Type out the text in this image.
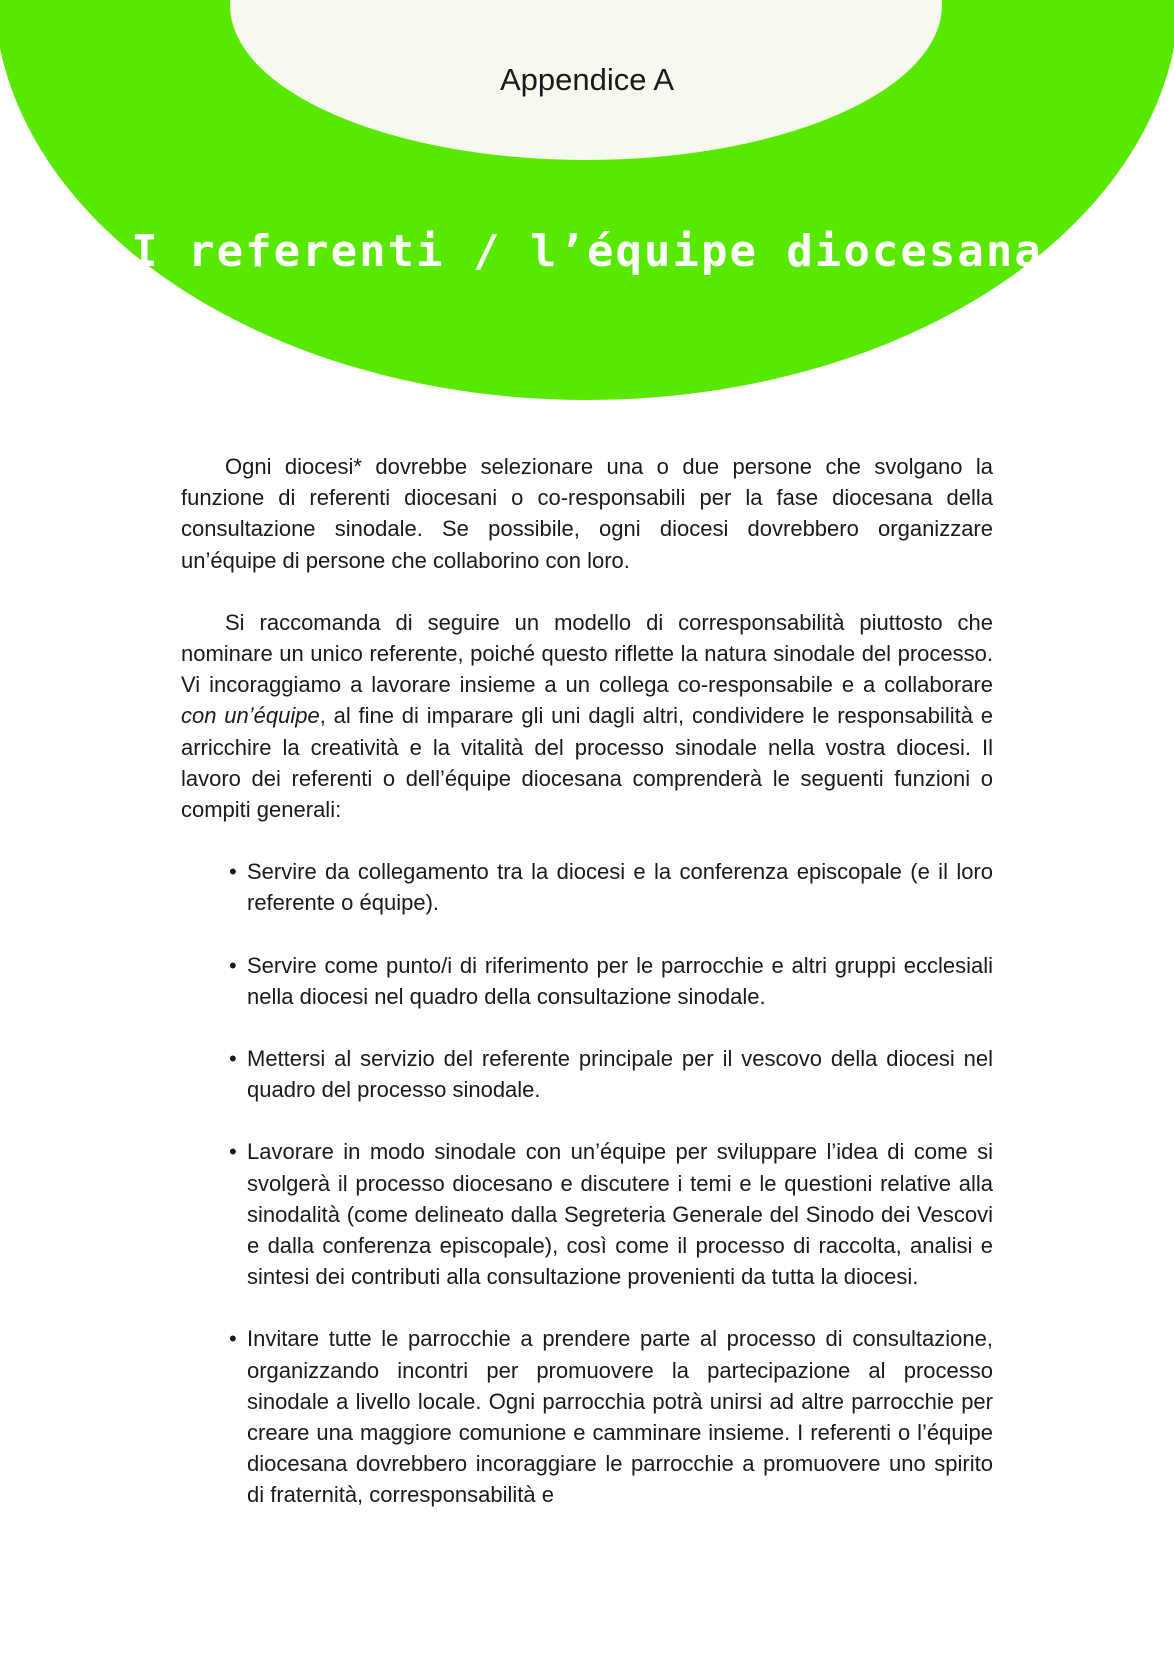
Appendice A
I referenti / l’équipe diocesana

Ogni diocesi* dovrebbe selezionare una o due persone che svolgano la funzione di referenti diocesani o co-responsabili per la fase diocesana della consultazione sinodale. Se possibile, ogni diocesi dovrebbero organizzare un’équipe di persone che collaborino con loro.

Si raccomanda di seguire un modello di corresponsabilità piuttosto che nominare un unico referente, poiché questo riflette la natura sinodale del processo. Vi incoraggiamo a lavorare insieme a un collega co-responsabile e a collaborare con un’équipe, al fine di imparare gli uni dagli altri, condividere le responsabilità e arricchire la creatività e la vitalità del processo sinodale nella vostra diocesi. Il lavoro dei referenti o dell’équipe diocesana comprenderà le seguenti funzioni o compiti generali:

• Servire da collegamento tra la diocesi e la conferenza episcopale (e il loro referente o équipe).
• Servire come punto/i di riferimento per le parrocchie e altri gruppi ecclesiali nella diocesi nel quadro della consultazione sinodale.
• Mettersi al servizio del referente principale per il vescovo della diocesi nel quadro del processo sinodale.
• Lavorare in modo sinodale con un’équipe per sviluppare l’idea di come si svolgerà il processo diocesano e discutere i temi e le questioni relative alla sinodalità (come delineato dalla Segreteria Generale del Sinodo dei Vescovi e dalla conferenza episcopale), così come il processo di raccolta, analisi e sintesi dei contributi alla consultazione provenienti da tutta la diocesi.
• Invitare tutte le parrocchie a prendere parte al processo di consultazione, organizzando incontri per promuovere la partecipazione al processo sinodale a livello locale. Ogni parrocchia potrà unirsi ad altre parrocchie per creare una maggiore comunione e camminare insieme. I referenti o l’équipe diocesana dovrebbero incoraggiare le parrocchie a promuovere uno spirito di fraternità, corresponsabilità e
